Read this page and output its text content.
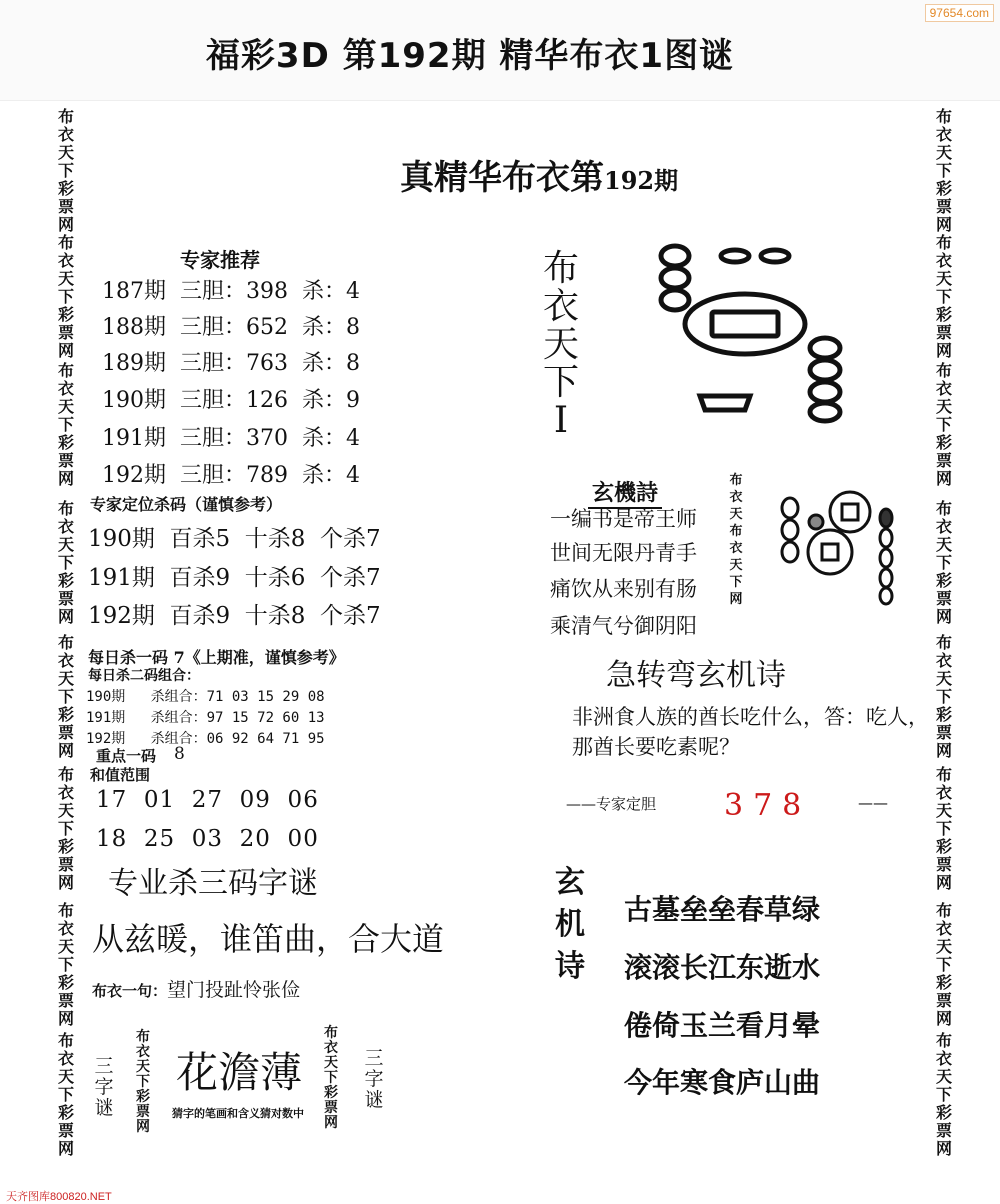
福彩3D 第192期 精华布衣1图谜
97654.com
布衣天下彩票网
布衣天下彩票网
布衣天下彩票网
布衣天下彩票网
布衣天下彩票网
布衣天下彩票网
布衣天下彩票网
布衣天下彩票网
布衣天下彩票网
布衣天下彩票网
布衣天下彩票网
布衣天下彩票网
布衣天下彩票网
布衣天下彩票网
布衣天下彩票网
布衣天下彩票网
真精华布衣第192期
专家推荐
187期  三胆：398  杀：4
188期  三胆：652  杀：8
189期  三胆：763  杀：8
190期  三胆：126  杀：9
191期  三胆：370  杀：4
192期  三胆：789  杀：4
专家定位杀码（谨慎参考）
190期  百杀5  十杀8  个杀7
191期  百杀9  十杀6  个杀7
192期  百杀9  十杀8  个杀7
每日杀一码 7《上期准，谨慎参考》
每日杀二码组合：
190期   杀组合：71 03 15 29 08
191期   杀组合：97 15 72 60 13
192期   杀组合：06 92 64 71 95
重点一码 8
和值范围
17  01  27  09  06
18  25  03  20  00
专业杀三码字谜
从兹暖，谁笛曲，合大道
布衣一句：望门投趾怜张俭
三字谜
布衣天下彩票网
花澹薄
猜字的笔画和含义猜对数中
布衣天下彩票网
三字谜
布衣天下I
玄機詩
一编书是帝王师
世间无限丹青手
痛饮从来别有肠
乘清气兮御阴阳
布衣天布衣天下网
急转弯玄机诗
非洲食人族的酋长吃什么，答：吃人，那酋长要吃素呢？
——专家定胆 378	——
玄机诗
古墓垒垒春草绿
滚滚长江东逝水
倦倚玉兰看月晕
今年寒食庐山曲
天齐图库800820.NET
